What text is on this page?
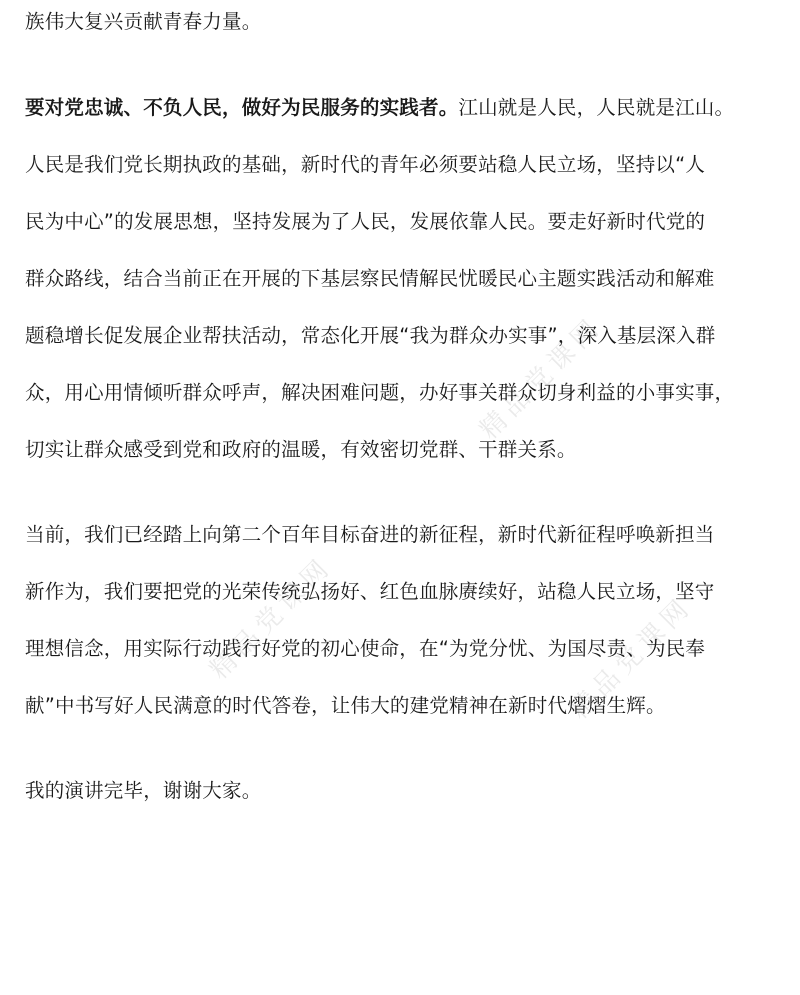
精品党课网
精品党课网	精品党课网
族伟大复兴贡献青春力量。
要对党忠诚、不负人民，做好为民服务的实践者。江山就是人民，人民就是江山。
人民是我们党长期执政的基础，新时代的青年必须要站稳人民立场，坚持以“人
民为中心”的发展思想，坚持发展为了人民，发展依靠人民。要走好新时代党的
群众路线，结合当前正在开展的下基层察民情解民忧暖民心主题实践活动和解难
题稳增长促发展企业帮扶活动，常态化开展“我为群众办实事”，深入基层深入群
众，用心用情倾听群众呼声，解决困难问题，办好事关群众切身利益的小事实事，
切实让群众感受到党和政府的温暖，有效密切党群、干群关系。
当前，我们已经踏上向第二个百年目标奋进的新征程，新时代新征程呼唤新担当
新作为，我们要把党的光荣传统弘扬好、红色血脉赓续好，站稳人民立场，坚守
理想信念，用实际行动践行好党的初心使命，在“为党分忧、为国尽责、为民奉
献”中书写好人民满意的时代答卷，让伟大的建党精神在新时代熠熠生辉。
我的演讲完毕，谢谢大家。
